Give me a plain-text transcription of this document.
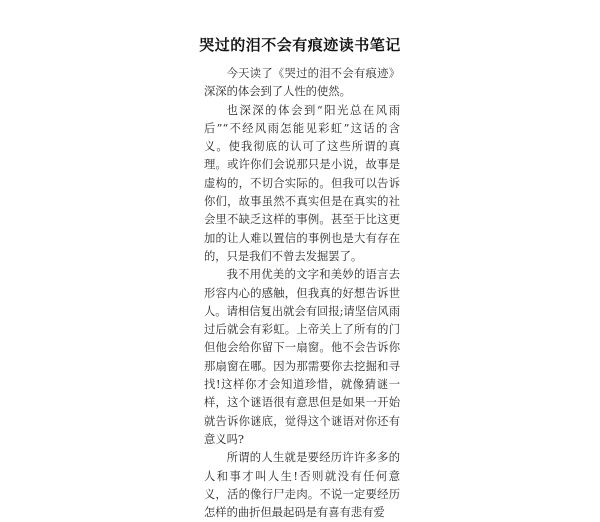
哭过的泪不会有痕迹读书笔记

今天读了《哭过的泪不会有痕迹》深深的体会到了人性的使然。

也深深的体会到“阳光总在风雨后”“不经风雨怎能见彩虹”这话的含义。使我彻底的认可了这些所谓的真理。或许你们会说那只是小说，故事是虚构的，不切合实际的。但我可以告诉你们，故事虽然不真实但是在真实的社会里不缺乏这样的事例。甚至于比这更加的让人难以置信的事例也是大有存在的，只是我们不曾去发掘罢了。

我不用优美的文字和美妙的语言去形容内心的感触，但我真的好想告诉世人。请相信复出就会有回报;请坚信风雨过后就会有彩虹。上帝关上了所有的门但他会给你留下一扇窗。他不会告诉你那扇窗在哪。因为那需要你去挖掘和寻找!这样你才会知道珍惜，就像猜谜一样，这个谜语很有意思但是如果一开始就告诉你谜底，觉得这个谜语对你还有意义吗?

所谓的人生就是要经历许许多多的人和事才叫人生!否则就没有任何意义，活的像行尸走肉。不说一定要经历怎样的曲折但最起码是有喜有悲有爱
